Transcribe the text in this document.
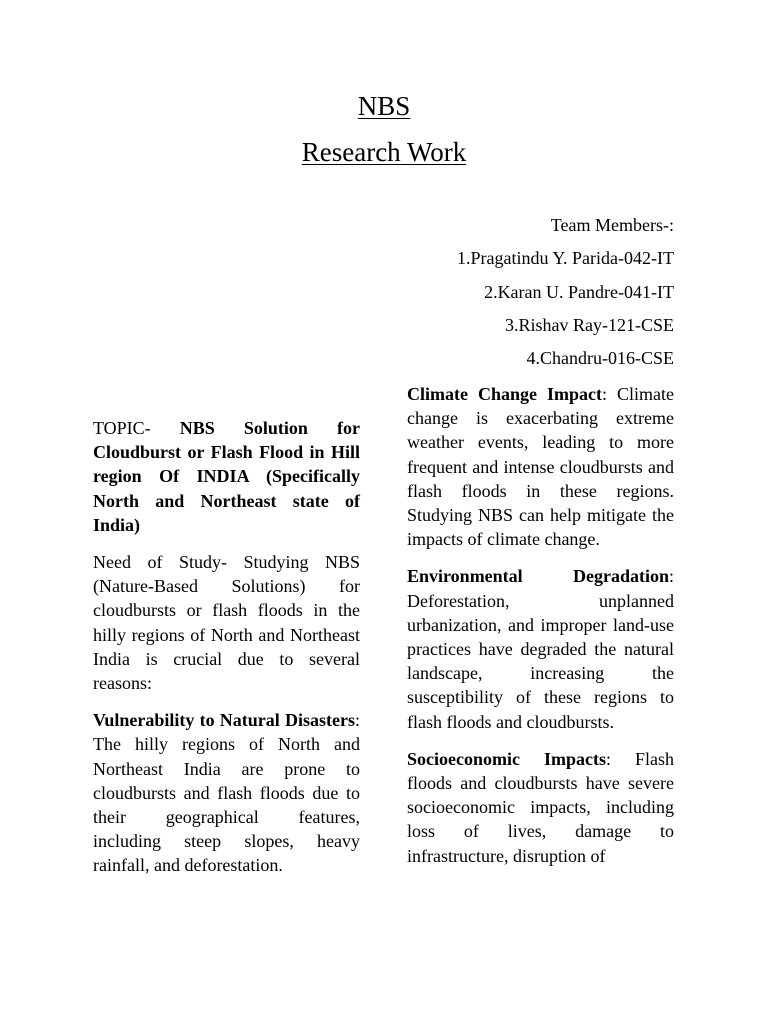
NBS
Research Work
Team Members-:
1.Pragatindu Y. Parida-042-IT
2.Karan U. Pandre-041-IT
3.Rishav Ray-121-CSE
4.Chandru-016-CSE

TOPIC- NBS Solution for Cloudburst or Flash Flood in Hill region Of INDIA (Specifically North and Northeast state of India)

Need of Study- Studying NBS (Nature-Based Solutions) for cloudbursts or flash floods in the hilly regions of North and Northeast India is crucial due to several reasons:

Vulnerability to Natural Disasters: The hilly regions of North and Northeast India are prone to cloudbursts and flash floods due to their geographical features, including steep slopes, heavy rainfall, and deforestation.

Climate Change Impact: Climate change is exacerbating extreme weather events, leading to more frequent and intense cloudbursts and flash floods in these regions. Studying NBS can help mitigate the impacts of climate change.

Environmental Degradation: Deforestation, unplanned urbanization, and improper land-use practices have degraded the natural landscape, increasing the susceptibility of these regions to flash floods and cloudbursts.

Socioeconomic Impacts: Flash floods and cloudbursts have severe socioeconomic impacts, including loss of lives, damage to infrastructure, disruption of
